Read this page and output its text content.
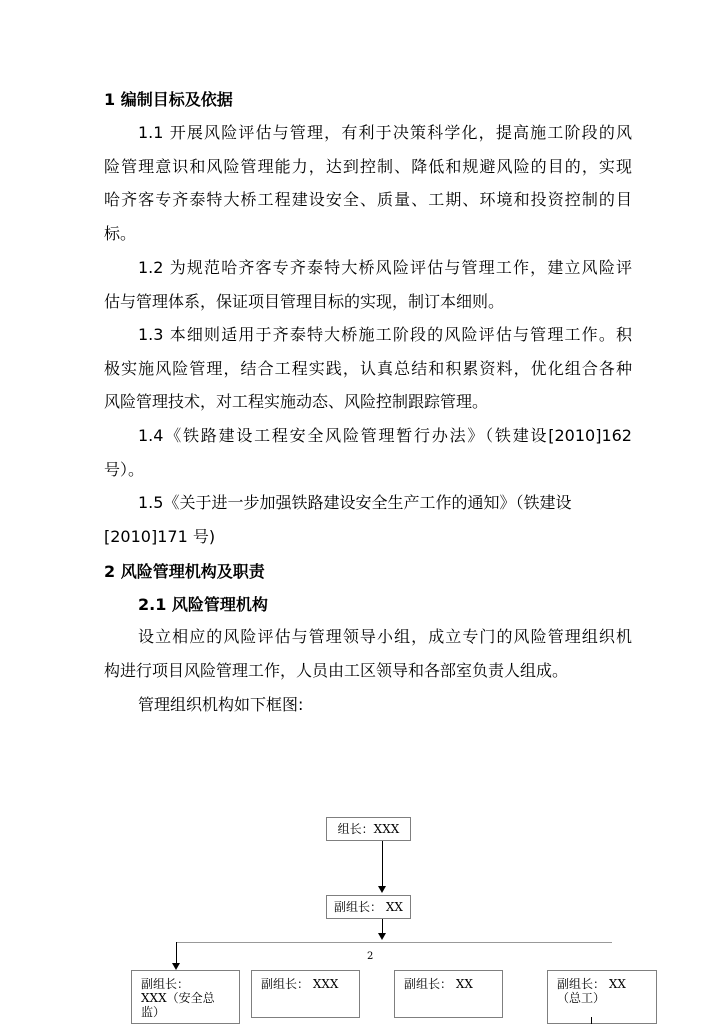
1 编制目标及依据
1.1 开展风险评估与管理，有利于决策科学化，提高施工阶段的风
险管理意识和风险管理能力，达到控制、降低和规避风险的目的，实现
哈齐客专齐泰特大桥工程建设安全、质量、工期、环境和投资控制的目
标。
1.2 为规范哈齐客专齐泰特大桥风险评估与管理工作，建立风险评
估与管理体系，保证项目管理目标的实现，制订本细则。
1.3 本细则适用于齐泰特大桥施工阶段的风险评估与管理工作。积
极实施风险管理，结合工程实践，认真总结和积累资料，优化组合各种
风险管理技术，对工程实施动态、风险控制跟踪管理。
1.4《铁路建设工程安全风险管理暂行办法》（铁建设[2010]162
号）。
1.5《关于进一步加强铁路建设安全生产工作的通知》（铁建设
[2010]171 号)
2 风险管理机构及职责
2.1 风险管理机构
设立相应的风险评估与管理领导小组，成立专门的风险管理组织机
构进行项目风险管理工作，人员由工区领导和各部室负责人组成。
管理组织机构如下框图:
组长：XXX
副组长： XX
2
副组长：
XXX（安全总
监）
副组长： XXX	副组长： XX	副组长： XX
（总工）
